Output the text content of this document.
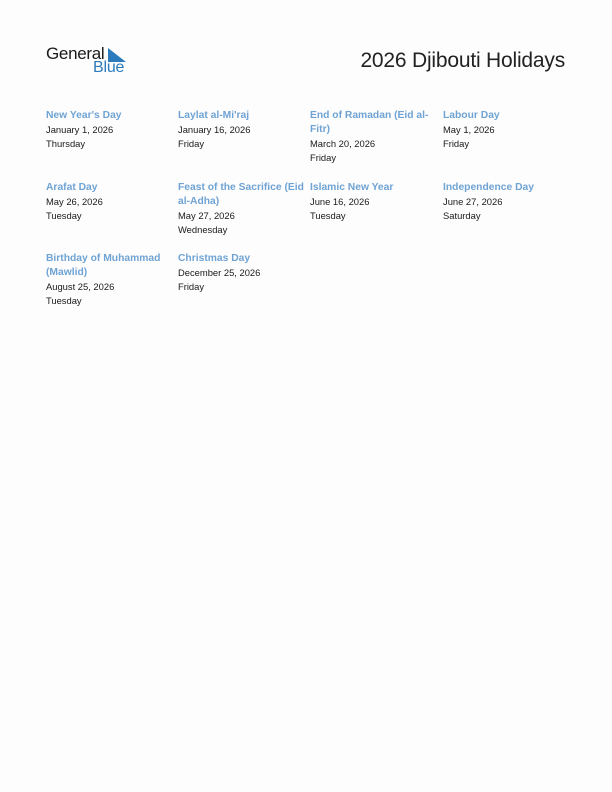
General
Blue	2026 Djibouti Holidays

New Year's Day

January 1, 2026

Thursday

Laylat al-Mi'raj

January 16, 2026

Friday

End of Ramadan (Eid al-Fitr)

March 20, 2026

Friday

Labour Day

May 1, 2026

Friday

Arafat Day

May 26, 2026

Tuesday

Feast of the Sacrifice (Eid al-Adha)

May 27, 2026

Wednesday

Islamic New Year

June 16, 2026

Tuesday

Independence Day

June 27, 2026

Saturday

Birthday of Muhammad (Mawlid)

August 25, 2026

Tuesday

Christmas Day

December 25, 2026

Friday
